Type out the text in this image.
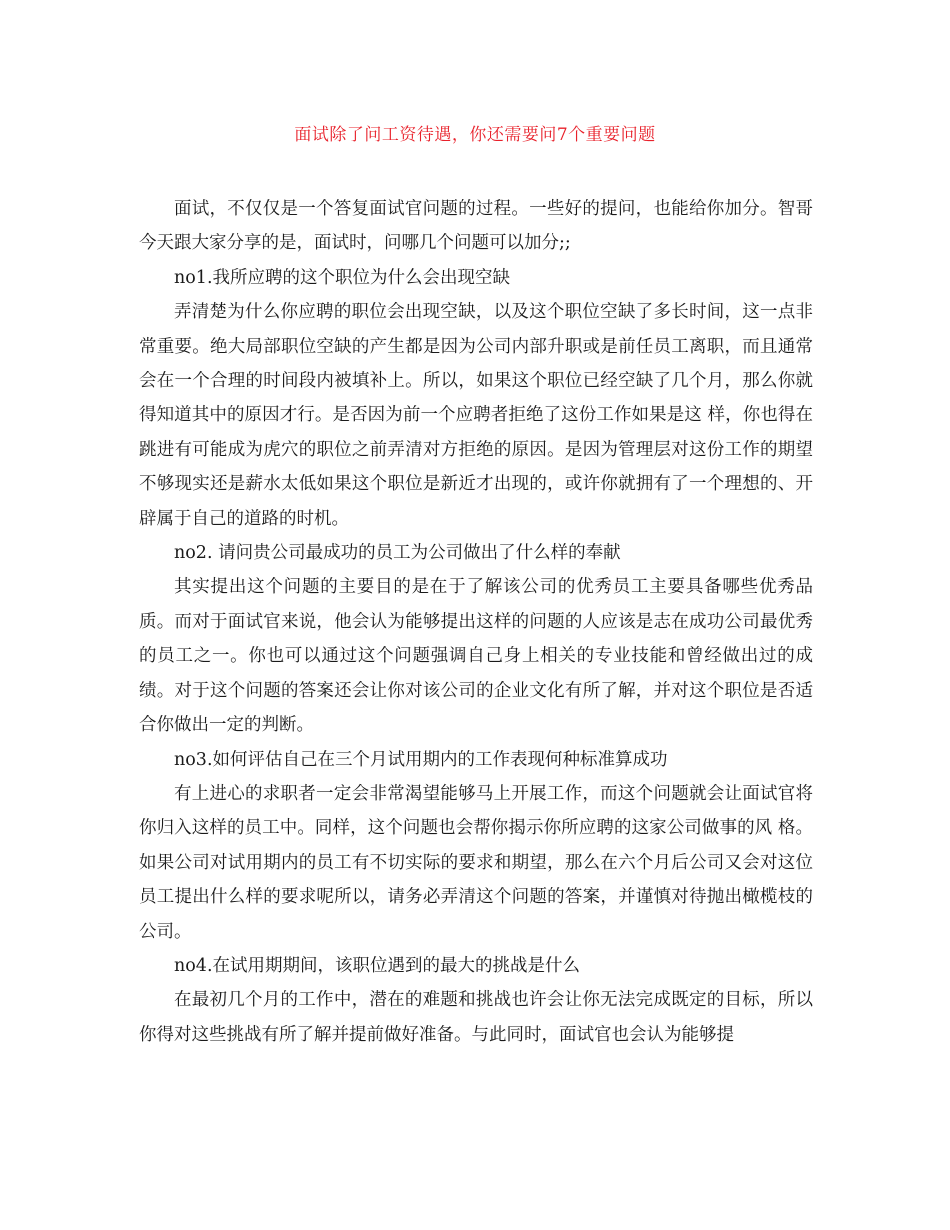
面试除了问工资待遇，你还需要问7个重要问题

面试，不仅仅是一个答复面试官问题的过程。一些好的提问，也能给你加分。智哥今天跟大家分享的是，面试时，问哪几个问题可以加分;;

no1.我所应聘的这个职位为什么会出现空缺

弄清楚为什么你应聘的职位会出现空缺，以及这个职位空缺了多长时间，这一点非常重要。绝大局部职位空缺的产生都是因为公司内部升职或是前任员工离职，而且通常会在一个合理的时间段内被填补上。所以，如果这个职位已经空缺了几个月，那么你就得知道其中的原因才行。是否因为前一个应聘者拒绝了这份工作如果是这 样，你也得在跳进有可能成为虎穴的职位之前弄清对方拒绝的原因。是因为管理层对这份工作的期望不够现实还是薪水太低如果这个职位是新近才出现的，或许你就拥有了一个理想的、开辟属于自己的道路的时机。

no2. 请问贵公司最成功的员工为公司做出了什么样的奉献

其实提出这个问题的主要目的是在于了解该公司的优秀员工主要具备哪些优秀品质。而对于面试官来说，他会认为能够提出这样的问题的人应该是志在成功公司最优秀的员工之一。你也可以通过这个问题强调自己身上相关的专业技能和曾经做出过的成绩。对于这个问题的答案还会让你对该公司的企业文化有所了解，并对这个职位是否适合你做出一定的判断。

no3.如何评估自己在三个月试用期内的工作表现何种标准算成功

有上进心的求职者一定会非常渴望能够马上开展工作，而这个问题就会让面试官将你归入这样的员工中。同样，这个问题也会帮你揭示你所应聘的这家公司做事的风 格。如果公司对试用期内的员工有不切实际的要求和期望，那么在六个月后公司又会对这位员工提出什么样的要求呢所以，请务必弄清这个问题的答案，并谨慎对待抛出橄榄枝的公司。

no4.在试用期期间，该职位遇到的最大的挑战是什么

在最初几个月的工作中，潜在的难题和挑战也许会让你无法完成既定的目标，所以你得对这些挑战有所了解并提前做好准备。与此同时，面试官也会认为能够提
